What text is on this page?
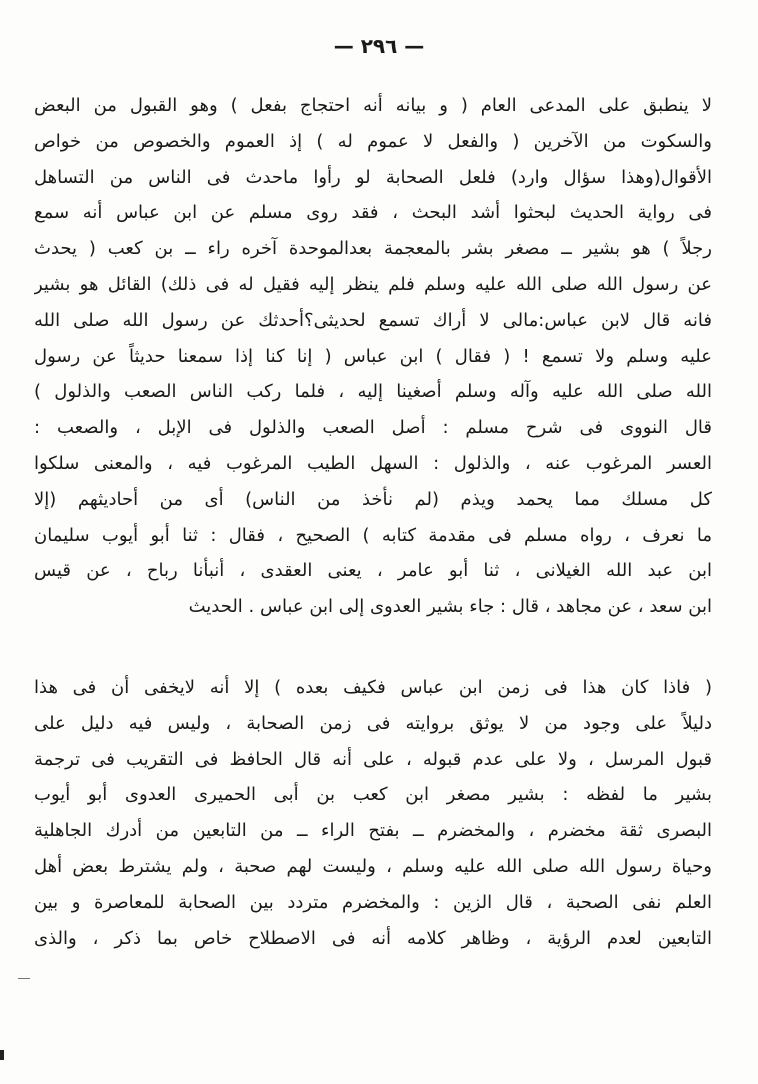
— ٢٩٦ —
لا ينطبق على المدعى العام ( و بيانه أنه احتجاج بفعل ) وهو القبول من البعض
والسكوت من الآخرين ( والفعل لا عموم له ) إذ العموم والخصوص من خواص
الأقوال(وهذا سؤال وارد) فلعل الصحابة لو رأوا ماحدث فى الناس من التساهل
فى رواية الحديث لبحثوا أشد البحث ، فقد روى مسلم عن ابن عباس أنه سمع
رجلاً ) هو بشير ــ مصغر بشر بالمعجمة بعدالموحدة آخره راء ــ بن كعب ( يحدث
عن رسول الله صلى الله عليه وسلم فلم ينظر إليه فقيل له فى ذلك) القائل هو بشير
فانه قال لابن عباس:مالى لا أراك تسمع لحديثى؟أحدثك عن رسول الله صلى الله
عليه وسلم ولا تسمع ! ( فقال ) ابن عباس ( إنا كنا إذا سمعنا حديثاً عن رسول
الله صلى الله عليه وآله وسلم أصغينا إليه ، فلما ركب الناس الصعب والذلول )
قال النووى فى شرح مسلم : أصل الصعب والذلول فى الإبل ، والصعب :
العسر المرغوب عنه ، والذلول : السهل الطيب المرغوب فيه ، والمعنى سلكوا
كل مسلك مما يحمد ويذم (لم نأخذ من الناس) أى من أحاديثهم (إلا
ما نعرف ، رواه مسلم فى مقدمة كتابه ) الصحيح ، فقال : ثنا أبو أيوب سليمان
ابن عبد الله الغيلانى ، ثنا أبو عامر ، يعنى العقدى ، أنبأنا رباح ، عن قيس
ابن سعد ، عن مجاهد ، قال : جاء بشير العدوى إلى ابن عباس . الحديث
( فاذا كان هذا فى زمن ابن عباس فكيف بعده ) إلا أنه لايخفى أن فى هذا
دليلاً على وجود من لا يوثق بروايته فى زمن الصحابة ، وليس فيه دليل على
قبول المرسل ، ولا على عدم قبوله ، على أنه قال الحافظ فى التقريب فى ترجمة
بشير ما لفظه : بشير مصغر ابن كعب بن أبى الحميرى العدوى أبو أيوب
البصرى ثقة مخضرم ، والمخضرم ــ بفتح الراء ــ من التابعين من أدرك الجاهلية
وحياة رسول الله صلى الله عليه وسلم ، وليست لهم صحبة ، ولم يشترط بعض أهل
العلم نفى الصحبة ، قال الزين : والمخضرم متردد بين الصحابة للمعاصرة و بين
التابعين لعدم الرؤية ، وظاهر كلامه أنه فى الاصطلاح خاص بما ذكر ، والذى
